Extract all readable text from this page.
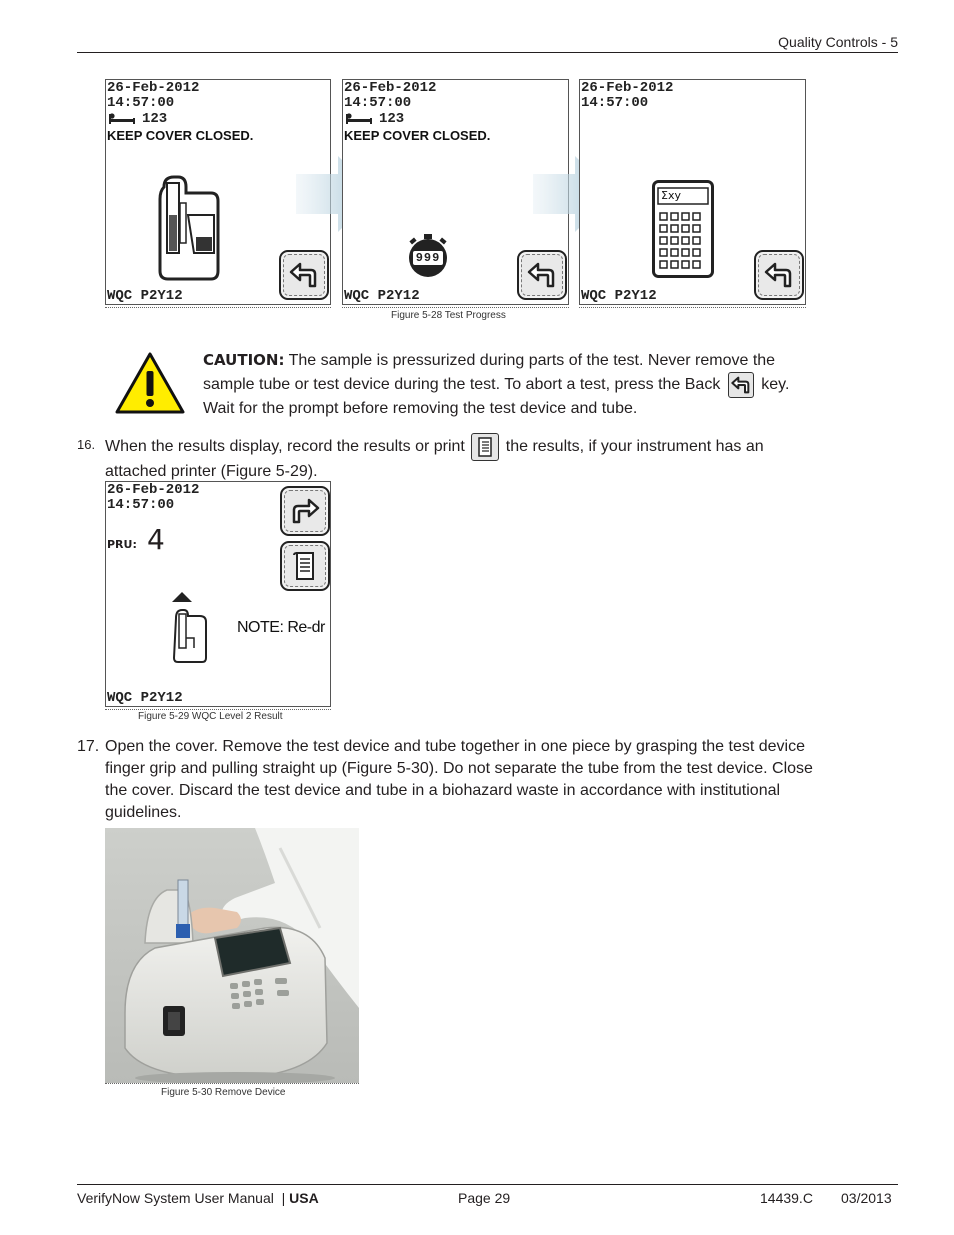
Quality Controls - 5
26-Feb-2012
14:57:00
123
KEEP COVER CLOSED.
WQC P2Y12
26-Feb-2012
14:57:00
123
KEEP COVER CLOSED.
999
WQC P2Y12
26-Feb-2012
14:57:00
Σxy
WQC P2Y12
Figure 5-28 Test Progress
CAUTION: The sample is pressurized during parts of the test. Never remove the
sample tube or test device during the test. To abort a test, press the Back	key.
Wait for the prompt before removing the test device and tube.
16. When the results display, record the results or print	the results, if your instrument has an
attached printer (Figure 5-29).
26-Feb-2012
14:57:00
PRU: 4
NOTE: Re-dr
WQC P2Y12
Figure 5-29 WQC Level 2 Result
17. Open the cover. Remove the test device and tube together in one piece by grasping the test device
finger grip and pulling straight up (Figure 5-30). Do not separate the tube from the test device. Close
the cover. Discard the test device and tube in a biohazard waste in accordance with institutional
guidelines.
Figure 5-30 Remove Device
VerifyNow System User Manual  | USA	Page 29	14439.C 03/2013
